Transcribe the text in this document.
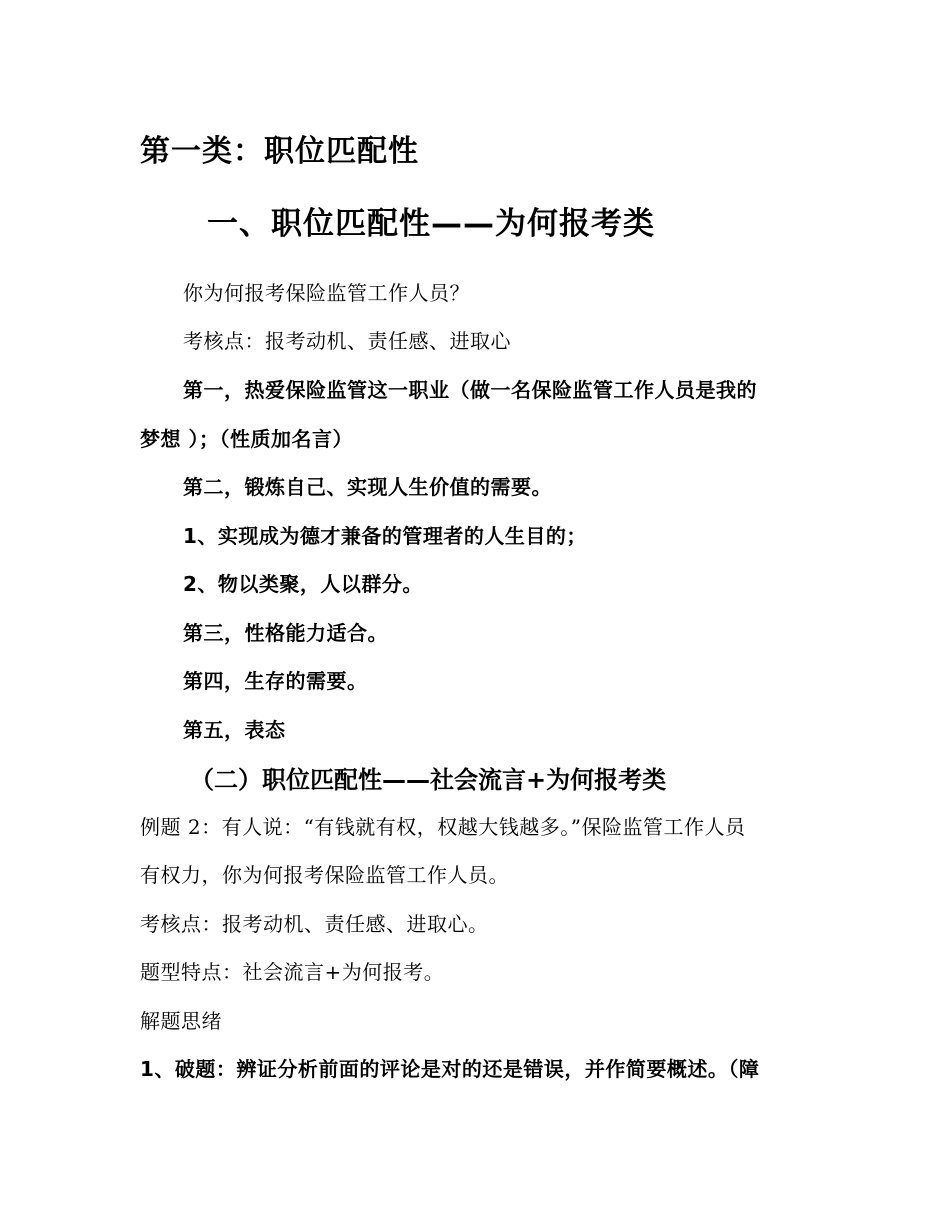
第一类：职位匹配性
一、职位匹配性——为何报考类
你为何报考保险监管工作人员？
考核点：报考动机、责任感、进取心
第一，热爱保险监管这一职业（做一名保险监管工作人员是我的
梦想 ）；（性质加名言）
第二，锻炼自己、实现人生价值的需要。
1、实现成为德才兼备的管理者的人生目的；
2、物以类聚，人以群分。
第三，性格能力适合。
第四，生存的需要。
第五，表态
（二）职位匹配性——社会流言+为何报考类
例题 2：有人说：“有钱就有权，权越大钱越多。”保险监管工作人员
有权力，你为何报考保险监管工作人员。
考核点：报考动机、责任感、进取心。
题型特点：社会流言+为何报考。
解题思绪
1、破题：辨证分析前面的评论是对的还是错误，并作简要概述。（障
